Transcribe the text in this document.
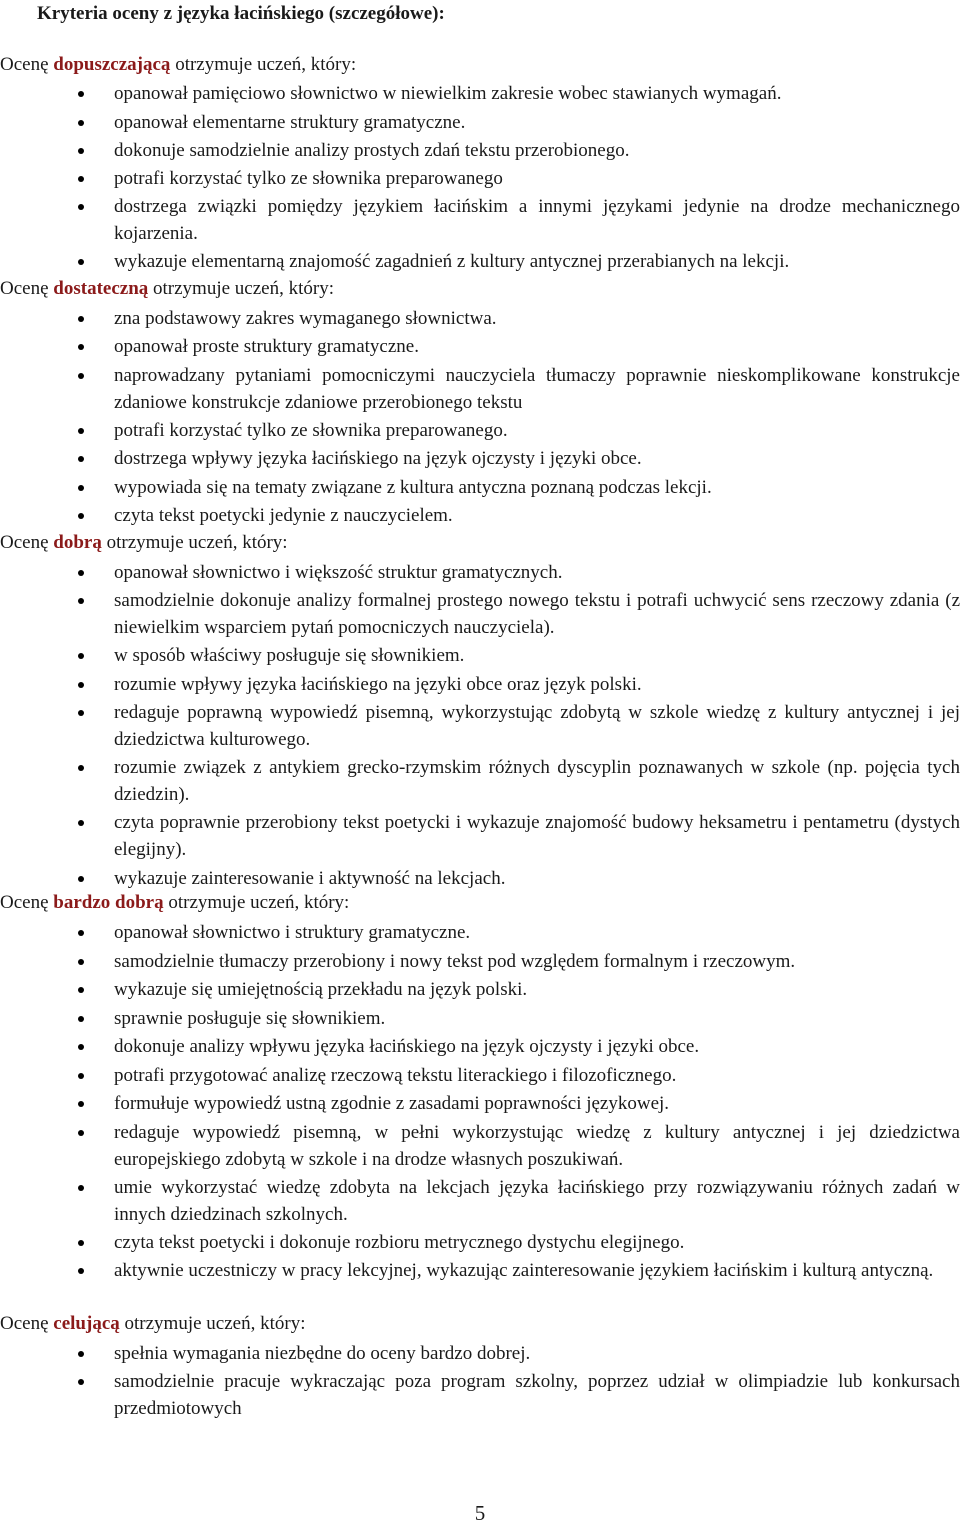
Kryteria oceny z języka łacińskiego (szczegółowe):
Ocenę dopuszczającą otrzymuje uczeń, który:
opanował pamięciowo słownictwo w niewielkim zakresie wobec stawianych wymagań.
opanował elementarne struktury gramatyczne.
dokonuje samodzielnie analizy prostych zdań tekstu przerobionego.
potrafi korzystać tylko ze słownika preparowanego
dostrzega związki pomiędzy językiem łacińskim a innymi językami jedynie na drodze mechanicznego kojarzenia.
wykazuje elementarną znajomość zagadnień z kultury antycznej przerabianych na lekcji.
Ocenę dostateczną otrzymuje uczeń, który:
zna podstawowy zakres wymaganego słownictwa.
opanował proste struktury gramatyczne.
naprowadzany pytaniami pomocniczymi nauczyciela tłumaczy poprawnie nieskomplikowane konstrukcje zdaniowe konstrukcje zdaniowe przerobionego tekstu
potrafi korzystać tylko ze słownika preparowanego.
dostrzega wpływy języka łacińskiego na język ojczysty i języki obce.
wypowiada się na tematy związane z kultura antyczna poznaną podczas lekcji.
czyta tekst poetycki jedynie z nauczycielem.
Ocenę dobrą otrzymuje uczeń, który:
opanował słownictwo i większość struktur gramatycznych.
samodzielnie dokonuje analizy formalnej prostego nowego tekstu i potrafi uchwycić sens rzeczowy zdania (z niewielkim wsparciem pytań pomocniczych nauczyciela).
w sposób właściwy posługuje się słownikiem.
rozumie wpływy języka łacińskiego na języki obce oraz język polski.
redaguje poprawną wypowiedź pisemną, wykorzystując zdobytą w szkole wiedzę z kultury antycznej i jej dziedzictwa kulturowego.
rozumie związek z antykiem grecko-rzymskim różnych dyscyplin poznawanych w szkole (np. pojęcia tych dziedzin).
czyta poprawnie przerobiony tekst poetycki i wykazuje znajomość budowy heksametru i pentametru (dystych elegijny).
wykazuje zainteresowanie i aktywność na lekcjach.
Ocenę bardzo dobrą otrzymuje uczeń, który:
opanował słownictwo i struktury gramatyczne.
samodzielnie tłumaczy przerobiony i nowy tekst pod względem formalnym i rzeczowym.
wykazuje się umiejętnością przekładu na język polski.
sprawnie posługuje się słownikiem.
dokonuje analizy wpływu języka łacińskiego na język ojczysty i języki obce.
potrafi przygotować analizę rzeczową tekstu literackiego i filozoficznego.
formułuje wypowiedź ustną zgodnie z zasadami poprawności językowej.
redaguje wypowiedź pisemną, w pełni wykorzystując wiedzę z kultury antycznej i jej dziedzictwa europejskiego zdobytą w szkole i na drodze własnych poszukiwań.
umie wykorzystać wiedzę zdobyta na lekcjach języka łacińskiego przy rozwiązywaniu różnych zadań w innych dziedzinach szkolnych.
czyta tekst poetycki i dokonuje rozbioru metrycznego dystychu elegijnego.
aktywnie uczestniczy w pracy lekcyjnej, wykazując zainteresowanie językiem łacińskim i kulturą antyczną.
Ocenę celującą otrzymuje uczeń, który:
spełnia wymagania niezbędne do oceny bardzo dobrej.
samodzielnie pracuje wykraczając poza program szkolny, poprzez udział w olimpiadzie lub konkursach przedmiotowych
5
